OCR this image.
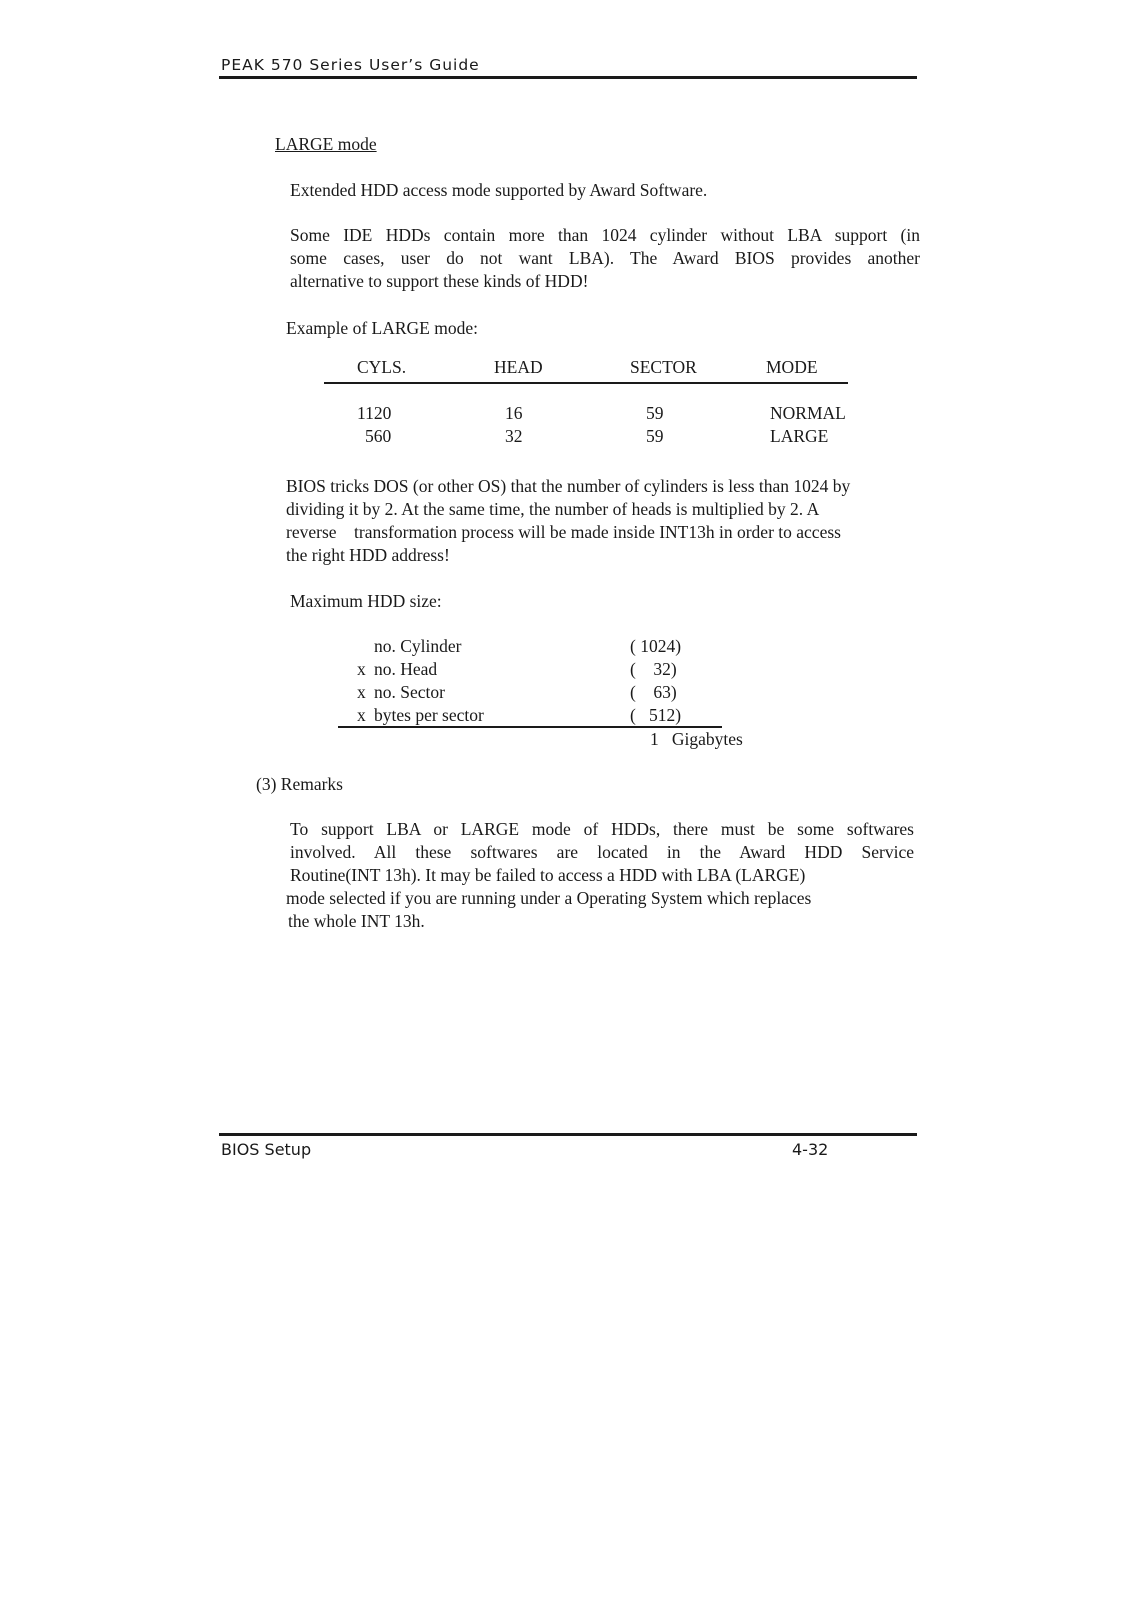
PEAK 570 Series User’s Guide
LARGE mode
Extended HDD access mode supported by Award Software.
Some IDE HDDs contain more than 1024 cylinder without LBA support (in
some cases, user do not want LBA). The Award BIOS provides another
alternative to support these kinds of HDD!
Example of LARGE mode:
CYLS.	HEAD	SECTOR	MODE
1120	16	59	NORMAL
560	32	59	LARGE
BIOS tricks DOS (or other OS) that the number of cylinders is less than 1024 by
dividing it by 2. At the same time, the number of heads is multiplied by 2. A
reverse    transformation process will be made inside INT13h in order to access
the right HDD address!
Maximum HDD size:
no. Cylinder	( 1024)
x no. Head	(    32)
x no. Sector	(    63)
x bytes per sector	(   512)
1   Gigabytes
(3) Remarks
To support LBA or LARGE mode of HDDs, there must be some softwares
involved. All these softwares are located in the Award HDD Service
Routine(INT 13h). It may be failed to access a HDD with LBA (LARGE)
mode selected if you are running under a Operating System which replaces
the whole INT 13h.
BIOS Setup	4-32
